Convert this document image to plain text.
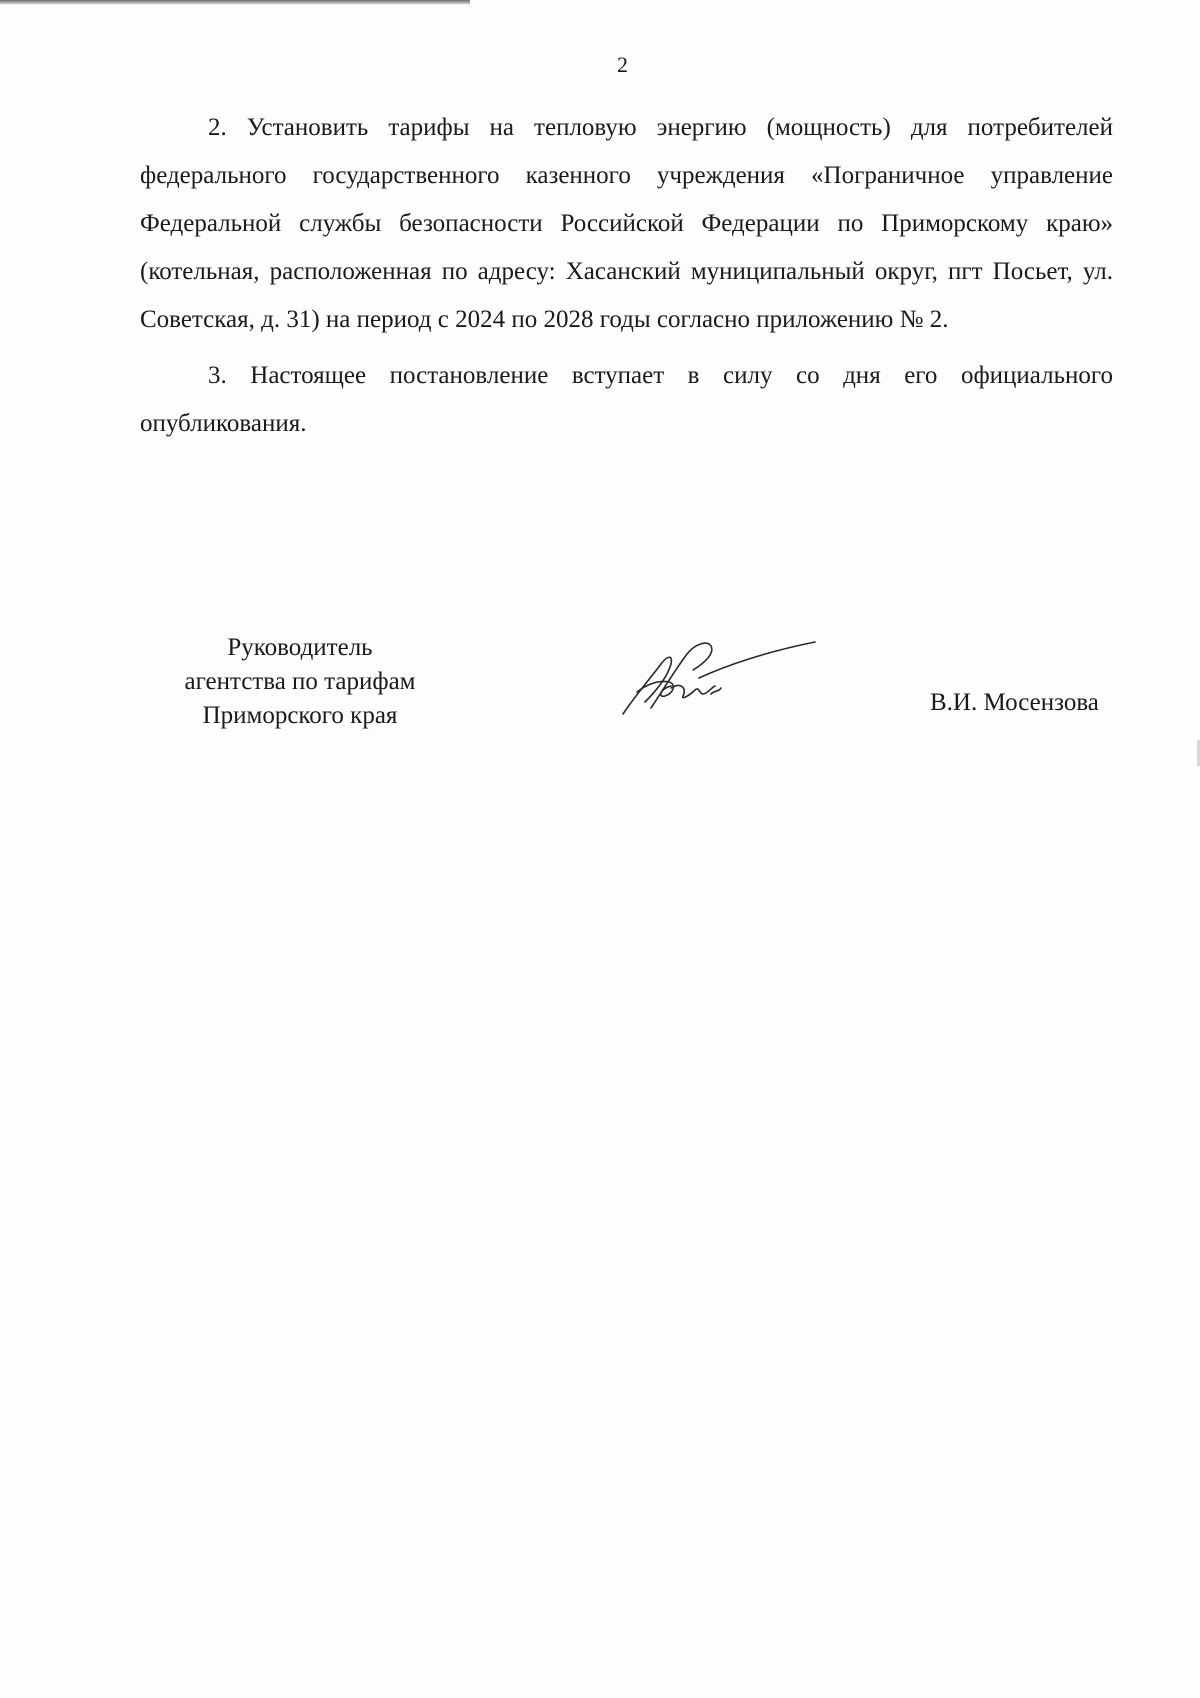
2

2. Установить тарифы на тепловую энергию (мощность) для потребителей федерального государственного казенного учреждения «Пограничное управление Федеральной службы безопасности Российской Федерации по Приморскому краю» (котельная, расположенная по адресу: Хасанский муниципальный округ, пгт Посьет, ул. Советская, д. 31) на период с 2024 по 2028 годы согласно приложению № 2.

3. Настоящее постановление вступает в силу со дня его официального опубликования.

Руководитель
агентства по тарифам
Приморского края	В.И. Мосензова
